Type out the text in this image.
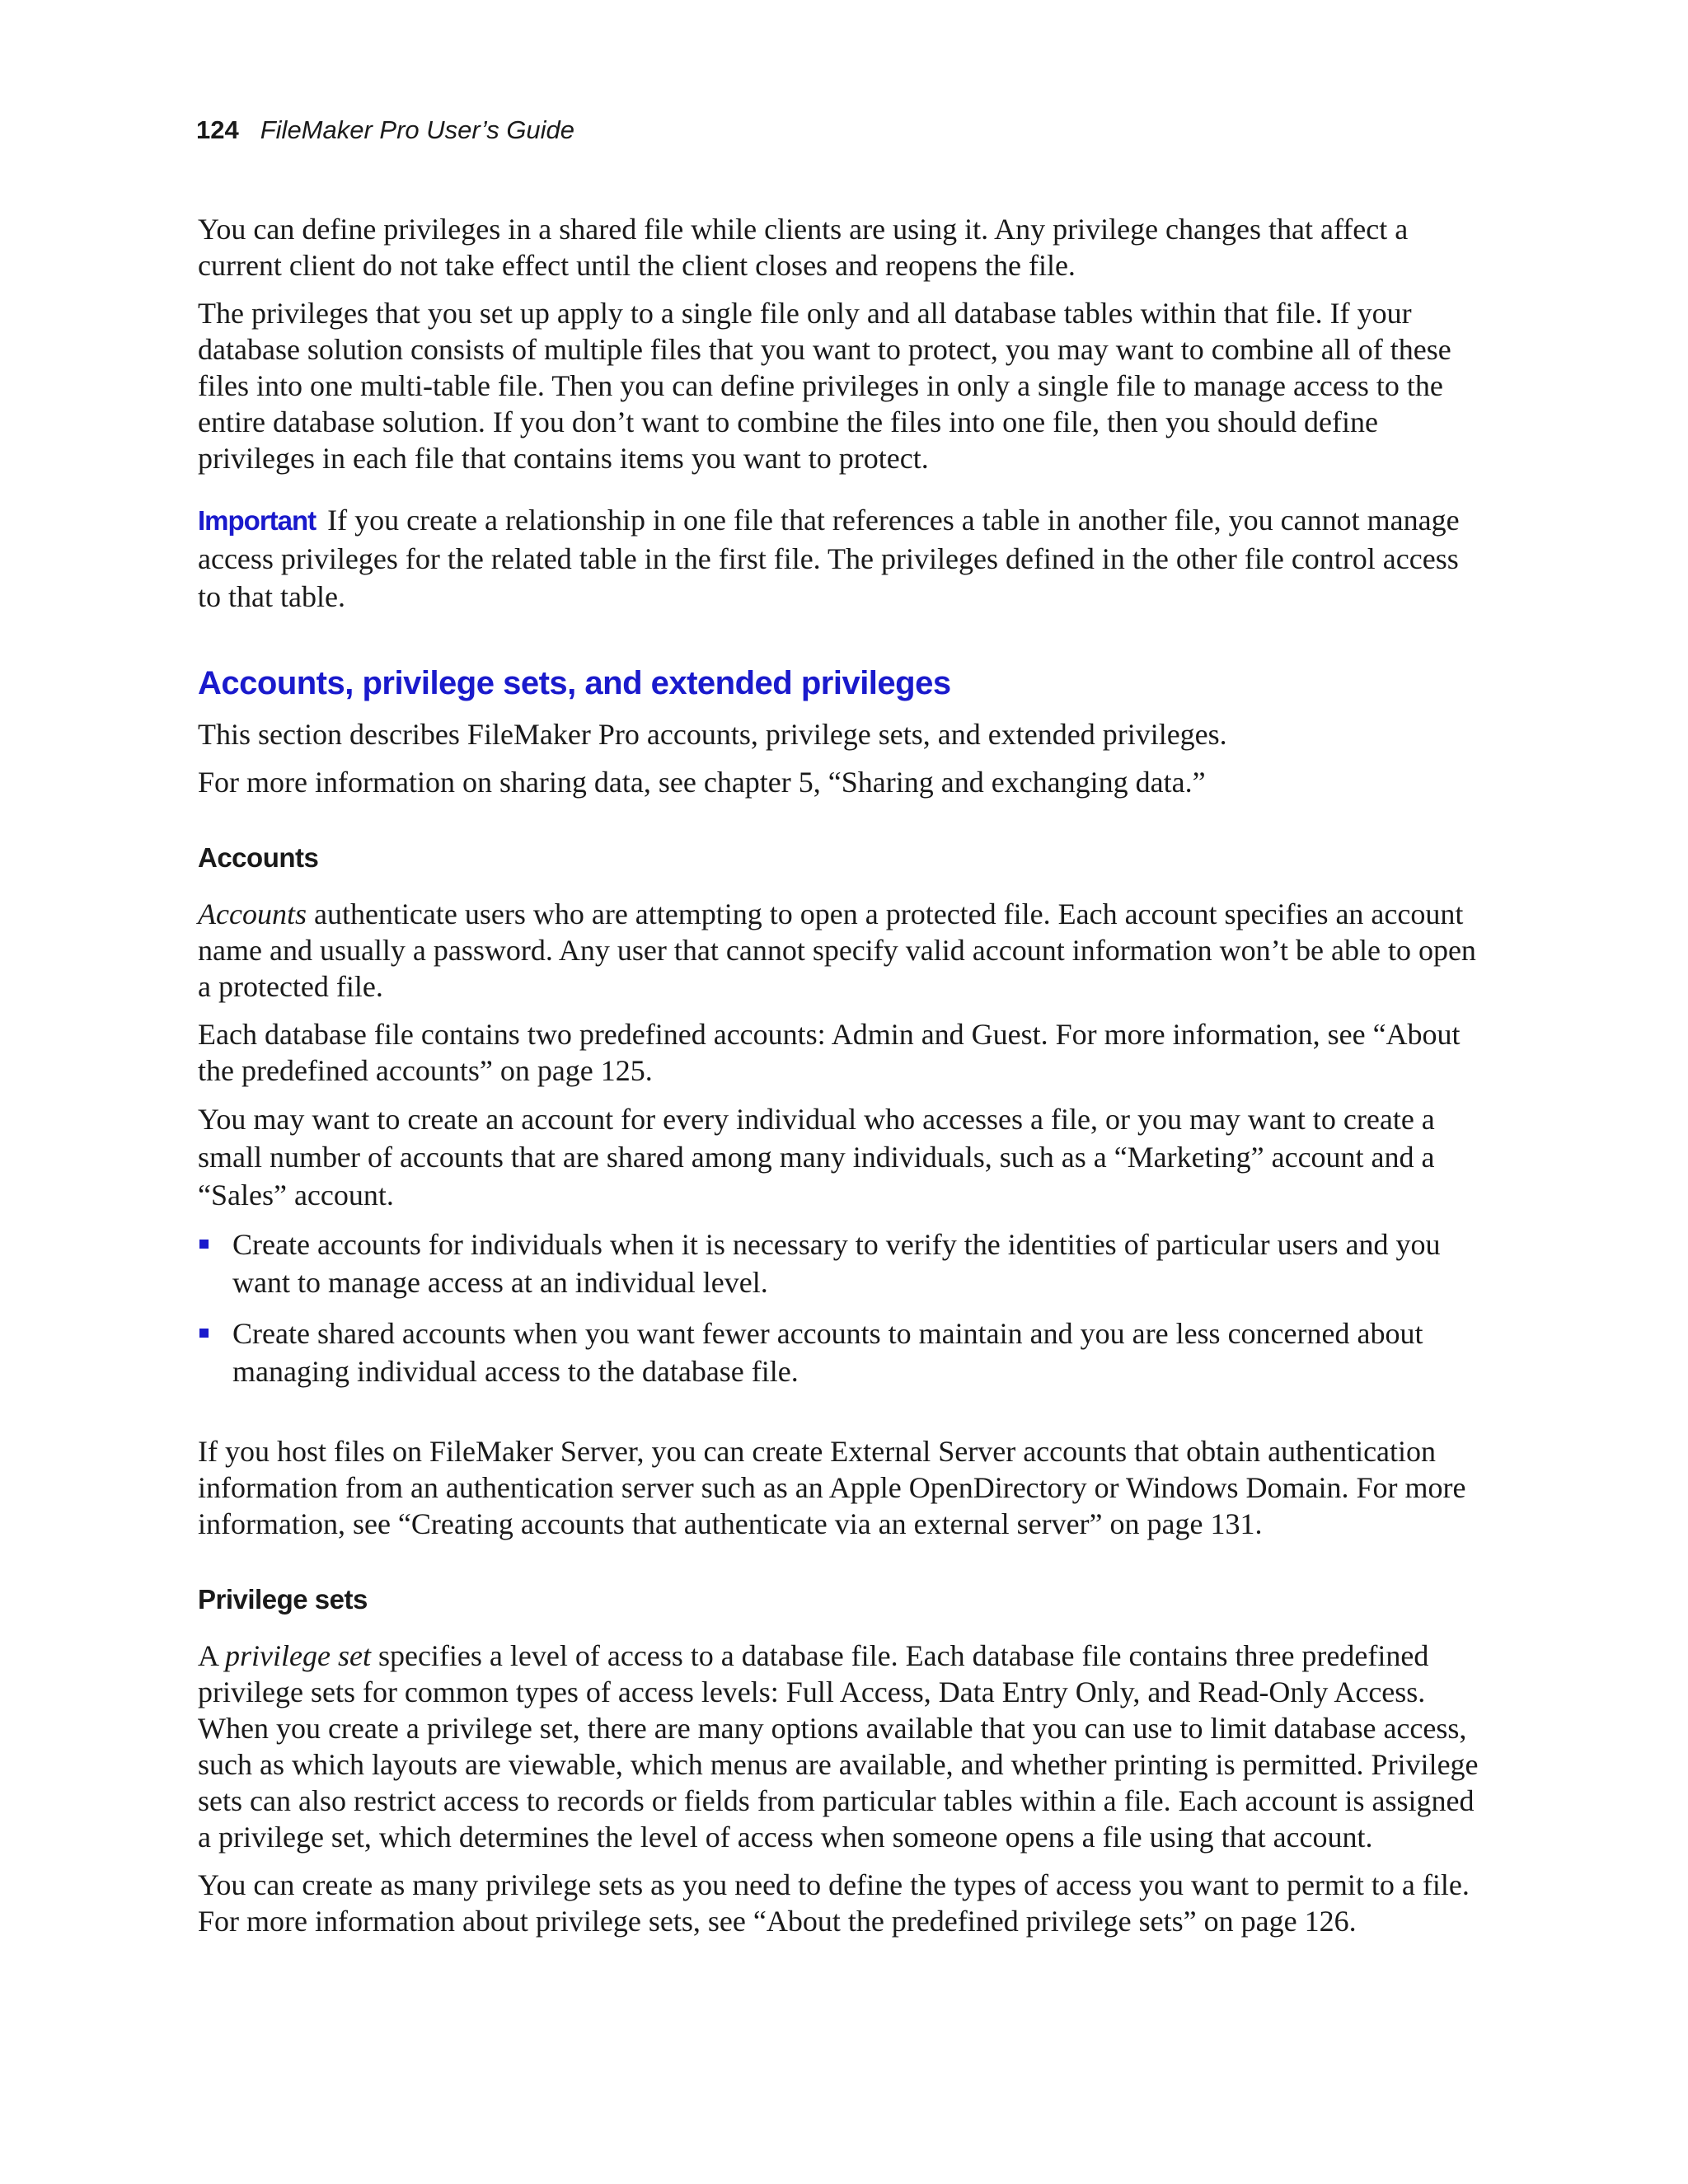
124 FileMaker Pro User’s Guide

You can define privileges in a shared file while clients are using it. Any privilege changes that affect a current client do not take effect until the client closes and reopens the file.

The privileges that you set up apply to a single file only and all database tables within that file. If your database solution consists of multiple files that you want to protect, you may want to combine all of these files into one multi-table file. Then you can define privileges in only a single file to manage access to the entire database solution. If you don’t want to combine the files into one file, then you should define privileges in each file that contains items you want to protect.

Important If you create a relationship in one file that references a table in another file, you cannot manage access privileges for the related table in the first file. The privileges defined in the other file control access to that table.

Accounts, privilege sets, and extended privileges

This section describes FileMaker Pro accounts, privilege sets, and extended privileges.

For more information on sharing data, see chapter 5, “Sharing and exchanging data.”

Accounts

Accounts authenticate users who are attempting to open a protected file. Each account specifies an account name and usually a password. Any user that cannot specify valid account information won’t be able to open a protected file.

Each database file contains two predefined accounts: Admin and Guest. For more information, see “About the predefined accounts” on page 125.

You may want to create an account for every individual who accesses a file, or you may want to create a small number of accounts that are shared among many individuals, such as a “Marketing” account and a “Sales” account.

Create accounts for individuals when it is necessary to verify the identities of particular users and you want to manage access at an individual level.
Create shared accounts when you want fewer accounts to maintain and you are less concerned about managing individual access to the database file.

If you host files on FileMaker Server, you can create External Server accounts that obtain authentication information from an authentication server such as an Apple OpenDirectory or Windows Domain. For more information, see “Creating accounts that authenticate via an external server” on page 131.

Privilege sets

A privilege set specifies a level of access to a database file. Each database file contains three predefined privilege sets for common types of access levels: Full Access, Data Entry Only, and Read-Only Access. When you create a privilege set, there are many options available that you can use to limit database access, such as which layouts are viewable, which menus are available, and whether printing is permitted. Privilege sets can also restrict access to records or fields from particular tables within a file. Each account is assigned a privilege set, which determines the level of access when someone opens a file using that account.

You can create as many privilege sets as you need to define the types of access you want to permit to a file. For more information about privilege sets, see “About the predefined privilege sets” on page 126.
